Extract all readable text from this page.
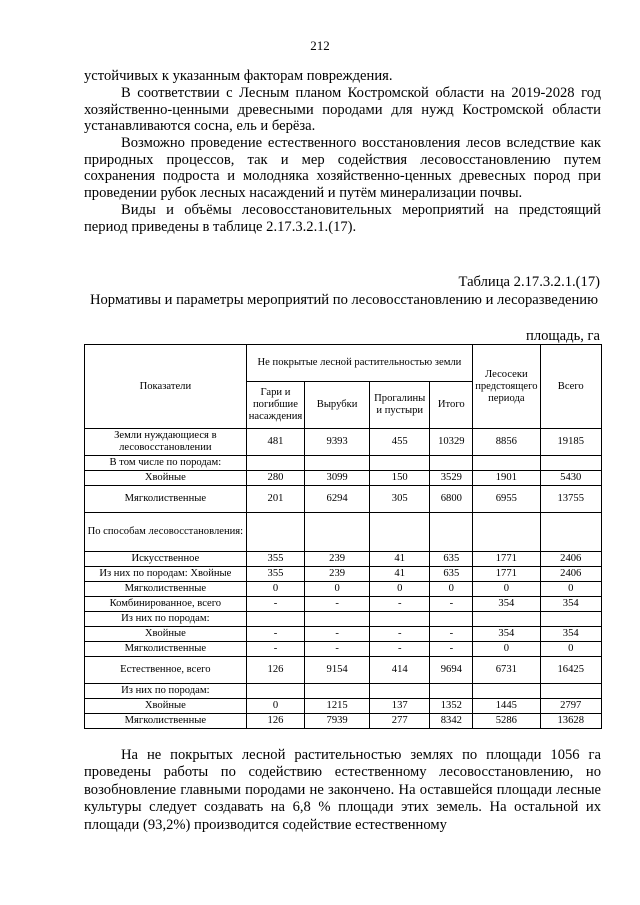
212

устойчивых к указанным факторам повреждения.

В соответствии с Лесным планом Костромской области на 2019-2028 год хозяйственно-ценными древесными породами для нужд Костромской области устанавливаются сосна, ель и берёза.

Возможно проведение естественного восстановления лесов вследствие как природных процессов, так и мер содействия лесовосстановлению путем сохранения подроста и молодняка хозяйственно-ценных древесных пород при проведении рубок лесных насаждений и путём минерализации почвы.

Виды и объёмы лесовосстановительных мероприятий на предстоящий период приведены в таблице 2.17.3.2.1.(17).

Таблица 2.17.3.2.1.(17)
Нормативы и параметры мероприятий по лесовосстановлению и лесоразведению
площадь, га
Показатели	Не покрытые лесной растительностью земли				Лесосеки предстоящего периода	Всего
	Гари и погибшие насаждения	Вырубки	Прогалины и пустыри	Итого		
Земли нуждающиеся в лесовосстановлении	481	9393	455	10329	8856	19185
В том числе по породам:						
Хвойные	280	3099	150	3529	1901	5430
Мягколиственные	201	6294	305	6800	6955	13755
По способам лесовосстановления:						
Искусственное	355	239	41	635	1771	2406
Из них по породам: Хвойные	355	239	41	635	1771	2406
Мягколиственные	0	0	0	0	0	0
Комбинированное, всего	-	-	-	-	354	354
Из них по породам:						
Хвойные	-	-	-	-	354	354
Мягколиственные	-	-	-	-	0	0
Естественное, всего	126	9154	414	9694	6731	16425
Из них по породам:						
Хвойные	0	1215	137	1352	1445	2797
Мягколиственные	126	7939	277	8342	5286	13628

На не покрытых лесной растительностью землях по площади 1056 га проведены работы по содействию естественному лесовосстановлению, но возобновление главными породами не закончено. На оставшейся площади лесные культуры следует создавать на 6,8 % площади этих земель. На остальной их площади (93,2%) производится содействие естественному
